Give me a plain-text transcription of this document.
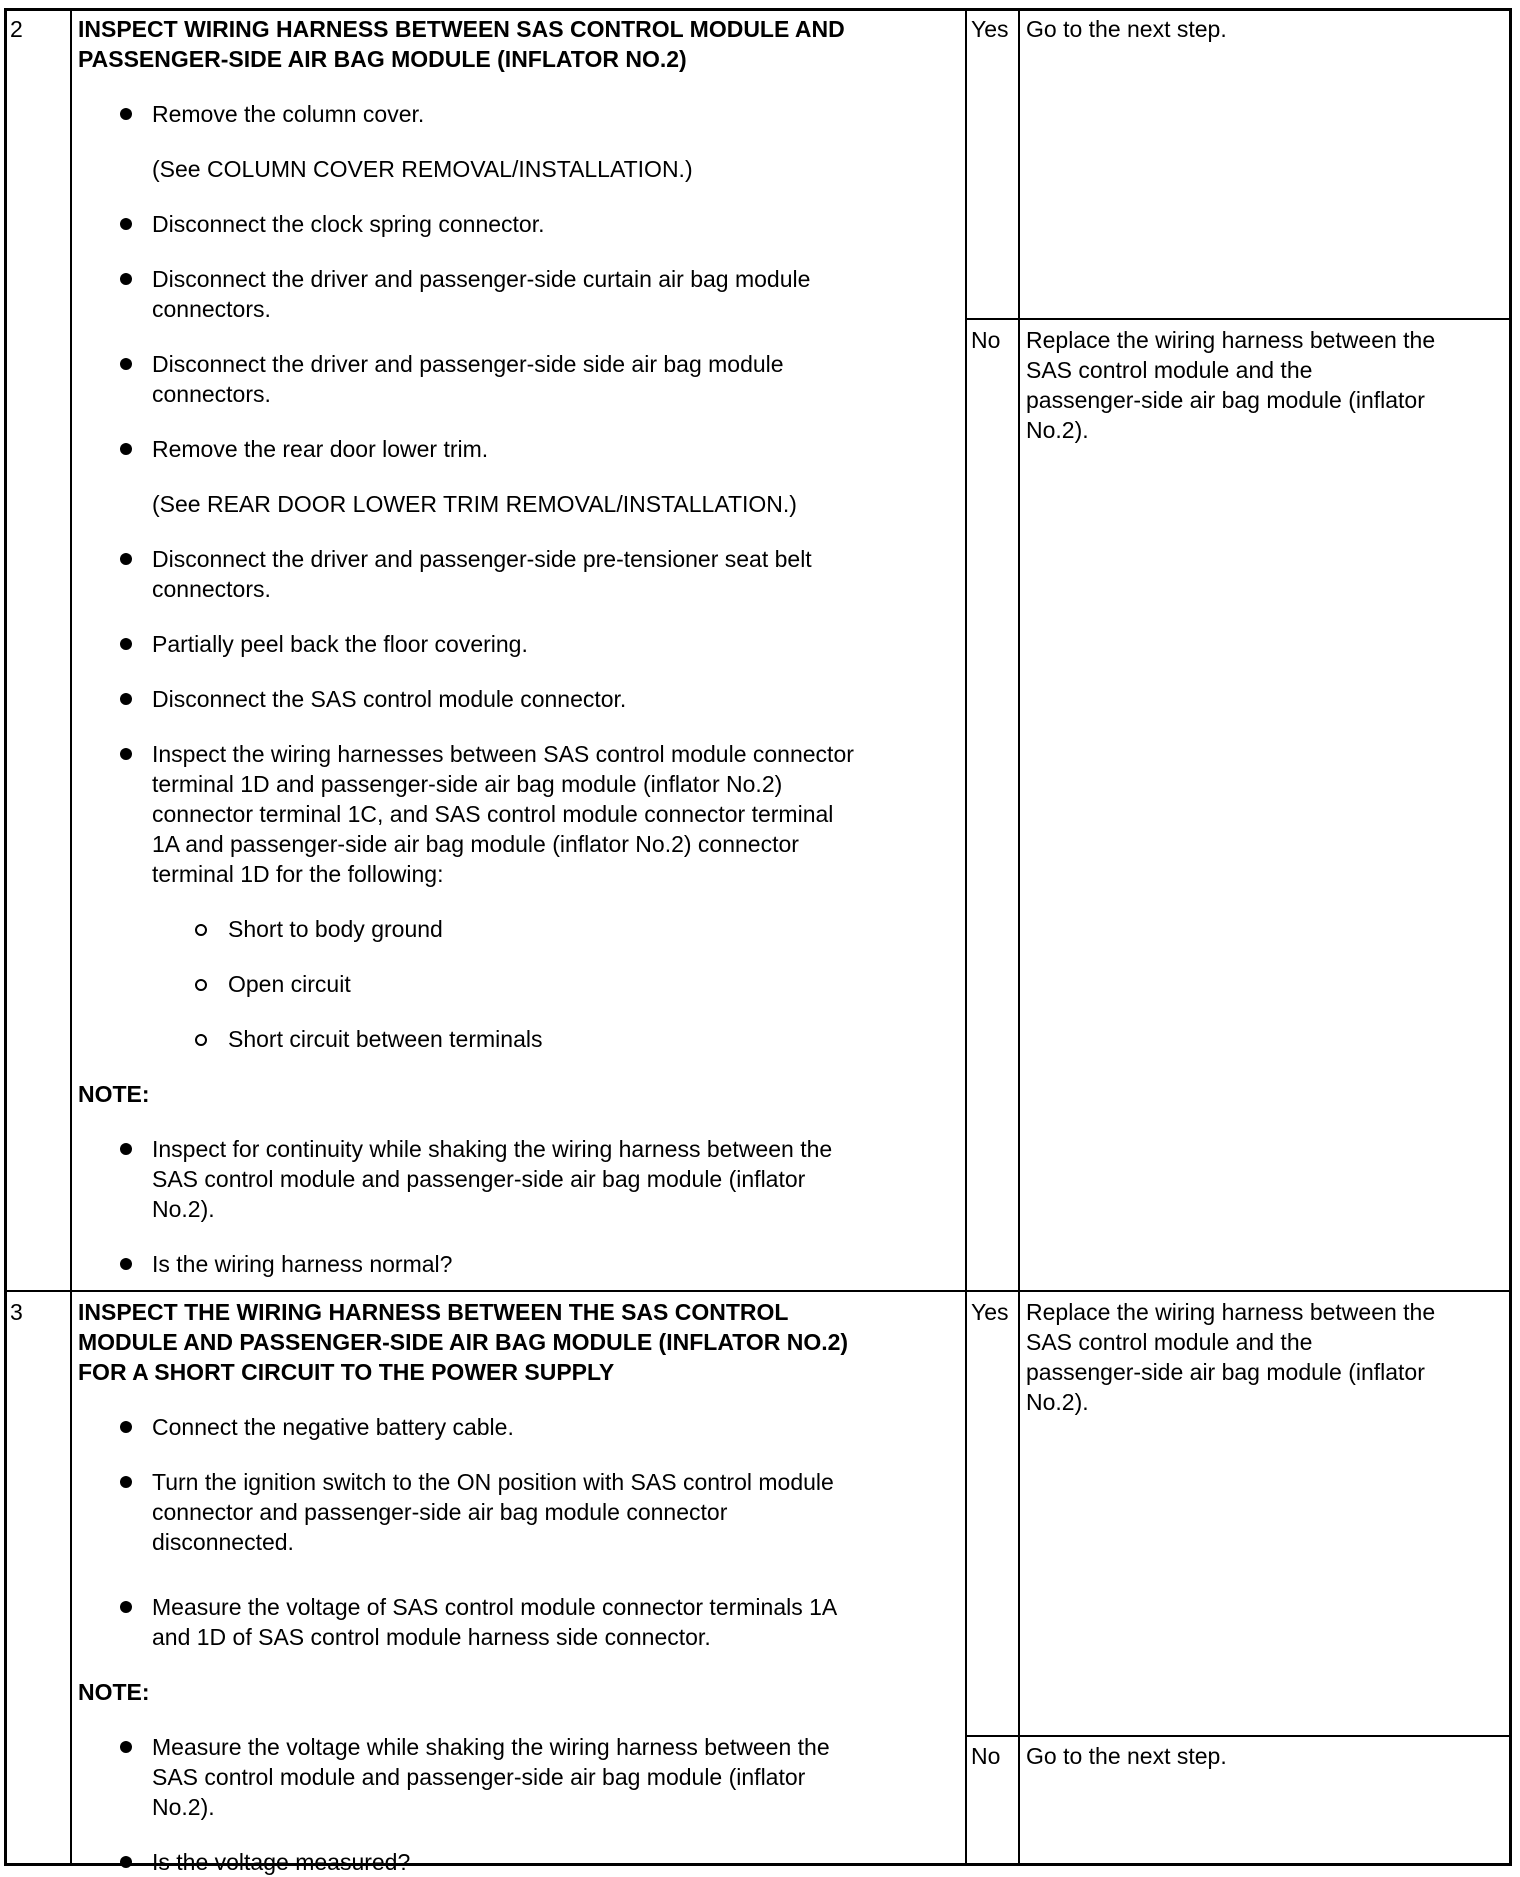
2 INSPECT WIRING HARNESS BETWEEN SAS CONTROL MODULE AND
PASSENGER-SIDE AIR BAG MODULE (INFLATOR NO.2)
Remove the column cover.
(See COLUMN COVER REMOVAL/INSTALLATION.)
Disconnect the clock spring connector.
Disconnect the driver and passenger-side curtain air bag module
connectors.
Disconnect the driver and passenger-side side air bag module
connectors.
Remove the rear door lower trim.
(See REAR DOOR LOWER TRIM REMOVAL/INSTALLATION.)
Disconnect the driver and passenger-side pre-tensioner seat belt
connectors.
Partially peel back the floor covering.
Disconnect the SAS control module connector.
Inspect the wiring harnesses between SAS control module connector
terminal 1D and passenger-side air bag module (inflator No.2)
connector terminal 1C, and SAS control module connector terminal
1A and passenger-side air bag module (inflator No.2) connector
terminal 1D for the following:
Short to body ground
Open circuit
Short circuit between terminals
NOTE:
Inspect for continuity while shaking the wiring harness between the
SAS control module and passenger-side air bag module (inflator
No.2).
Is the wiring harness normal?
Yes Go to the next step.
No Replace the wiring harness between the
SAS control module and the
passenger-side air bag module (inflator
No.2).
3 INSPECT THE WIRING HARNESS BETWEEN THE SAS CONTROL
MODULE AND PASSENGER-SIDE AIR BAG MODULE (INFLATOR NO.2)
FOR A SHORT CIRCUIT TO THE POWER SUPPLY
Connect the negative battery cable.
Turn the ignition switch to the ON position with SAS control module
connector and passenger-side air bag module connector
disconnected.
Measure the voltage of SAS control module connector terminals 1A
and 1D of SAS control module harness side connector.
NOTE:
Measure the voltage while shaking the wiring harness between the
SAS control module and passenger-side air bag module (inflator
No.2).
Is the voltage measured?
Yes Replace the wiring harness between the
SAS control module and the
passenger-side air bag module (inflator
No.2).
No Go to the next step.
